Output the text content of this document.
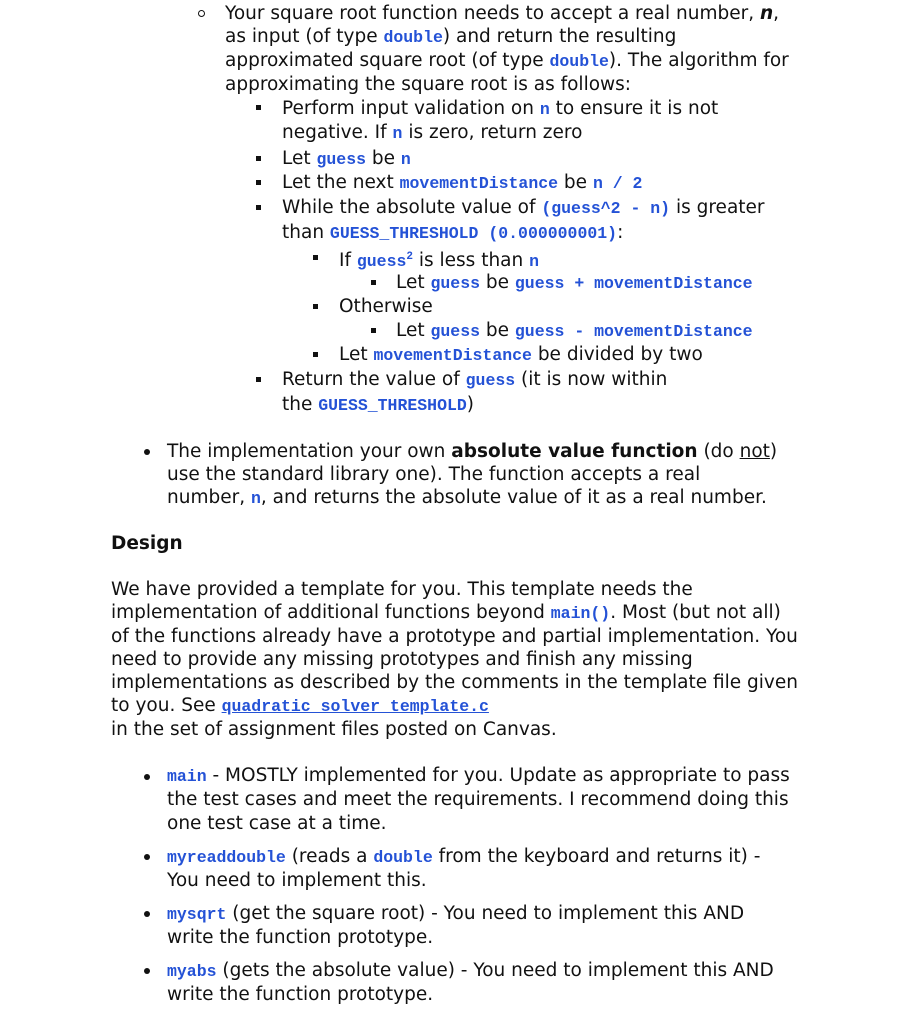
Your square root function needs to accept a real number, n,
as input (of type double) and return the resulting
approximated square root (of type double). The algorithm for
approximating the square root is as follows:
Perform input validation on n to ensure it is not
negative. If n is zero, return zero
Let guess be n
Let the next movementDistance be n / 2
While the absolute value of (guess^2 - n) is greater
than GUESS_THRESHOLD (0.000000001):
If guess$^2$ is less than n
Let guess be guess + movementDistance
Otherwise
Let guess be guess - movementDistance
Let movementDistance be divided by two
Return the value of guess (it is now within
the GUESS_THRESHOLD)
The implementation your own absolute value function (do not)
use the standard library one). The function accepts a real
number, n, and returns the absolute value of it as a real number.
Design
We have provided a template for you. This template needs the
implementation of additional functions beyond main(). Most (but not all)
of the functions already have a prototype and partial implementation. You
need to provide any missing prototypes and finish any missing
implementations as described by the comments in the template file given
to you. See quadratic_solver_template.c
in the set of assignment files posted on Canvas.
main - MOSTLY implemented for you. Update as appropriate to pass
the test cases and meet the requirements. I recommend doing this
one test case at a time.
myreaddouble (reads a double from the keyboard and returns it) -
You need to implement this.
mysqrt (get the square root) - You need to implement this AND
write the function prototype.
myabs (gets the absolute value) - You need to implement this AND
write the function prototype.
